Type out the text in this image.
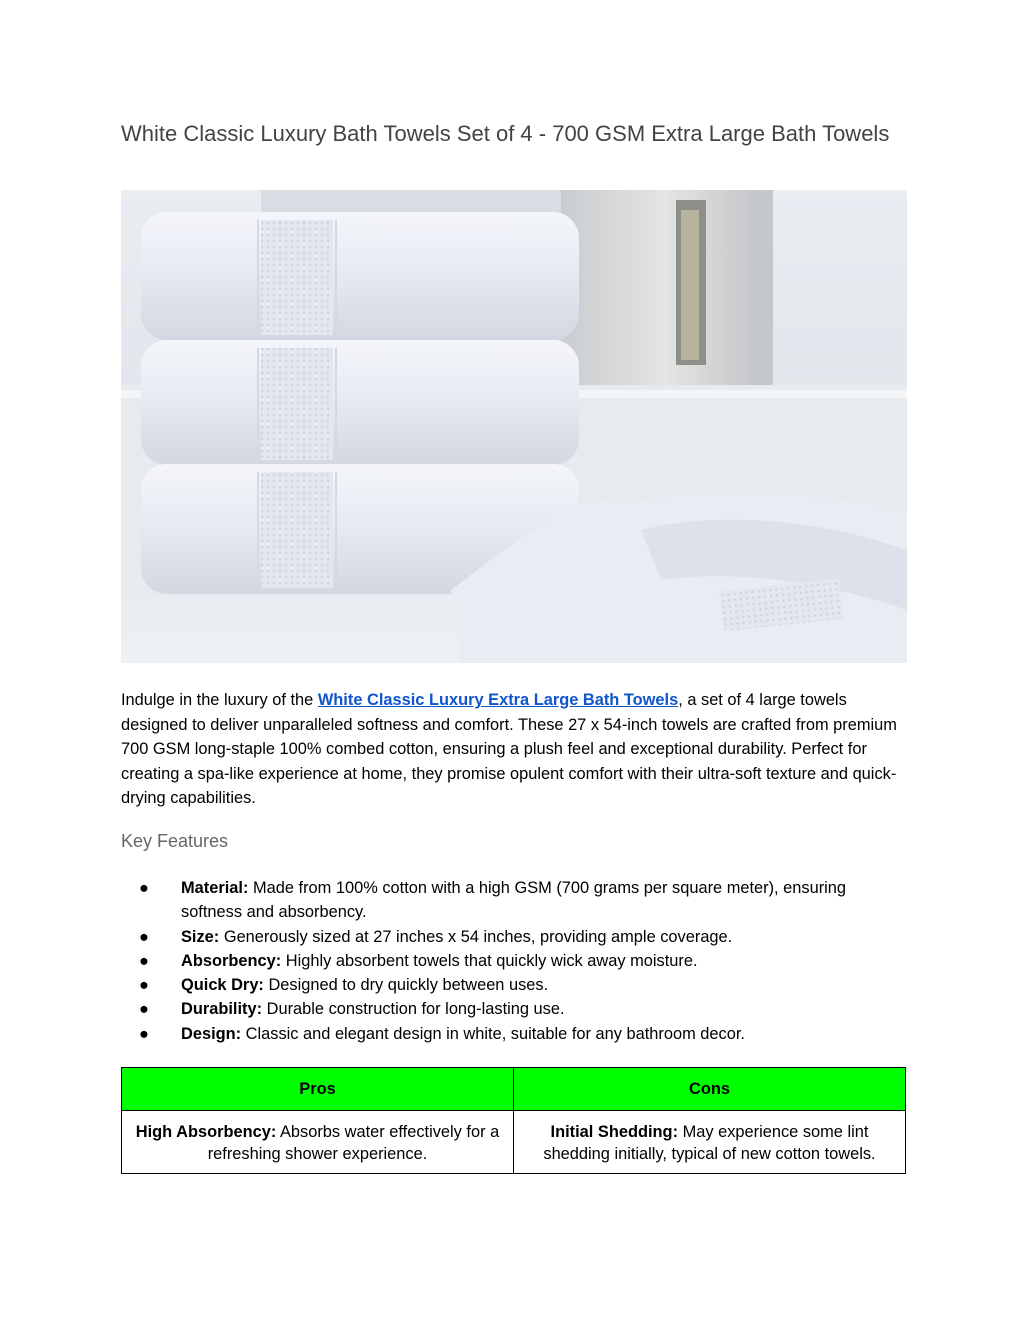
White Classic Luxury Bath Towels Set of 4 - 700 GSM Extra Large Bath Towels

Indulge in the luxury of the White Classic Luxury Extra Large Bath Towels, a set of 4 large towels designed to deliver unparalleled softness and comfort. These 27 x 54-inch towels are crafted from premium 700 GSM long-staple 100% combed cotton, ensuring a plush feel and exceptional durability. Perfect for creating a spa-like experience at home, they promise opulent comfort with their ultra-soft texture and quick-drying capabilities.

Key Features
● Material: Made from 100% cotton with a high GSM (700 grams per square meter), ensuring softness and absorbency.
● Size: Generously sized at 27 inches x 54 inches, providing ample coverage.
● Absorbency: Highly absorbent towels that quickly wick away moisture.
● Quick Dry: Designed to dry quickly between uses.
● Durability: Durable construction for long-lasting use.
● Design: Classic and elegant design in white, suitable for any bathroom decor.
Pros	Cons
High Absorbency: Absorbs water effectively for a refreshing shower experience.	Initial Shedding: May experience some lint shedding initially, typical of new cotton towels.
